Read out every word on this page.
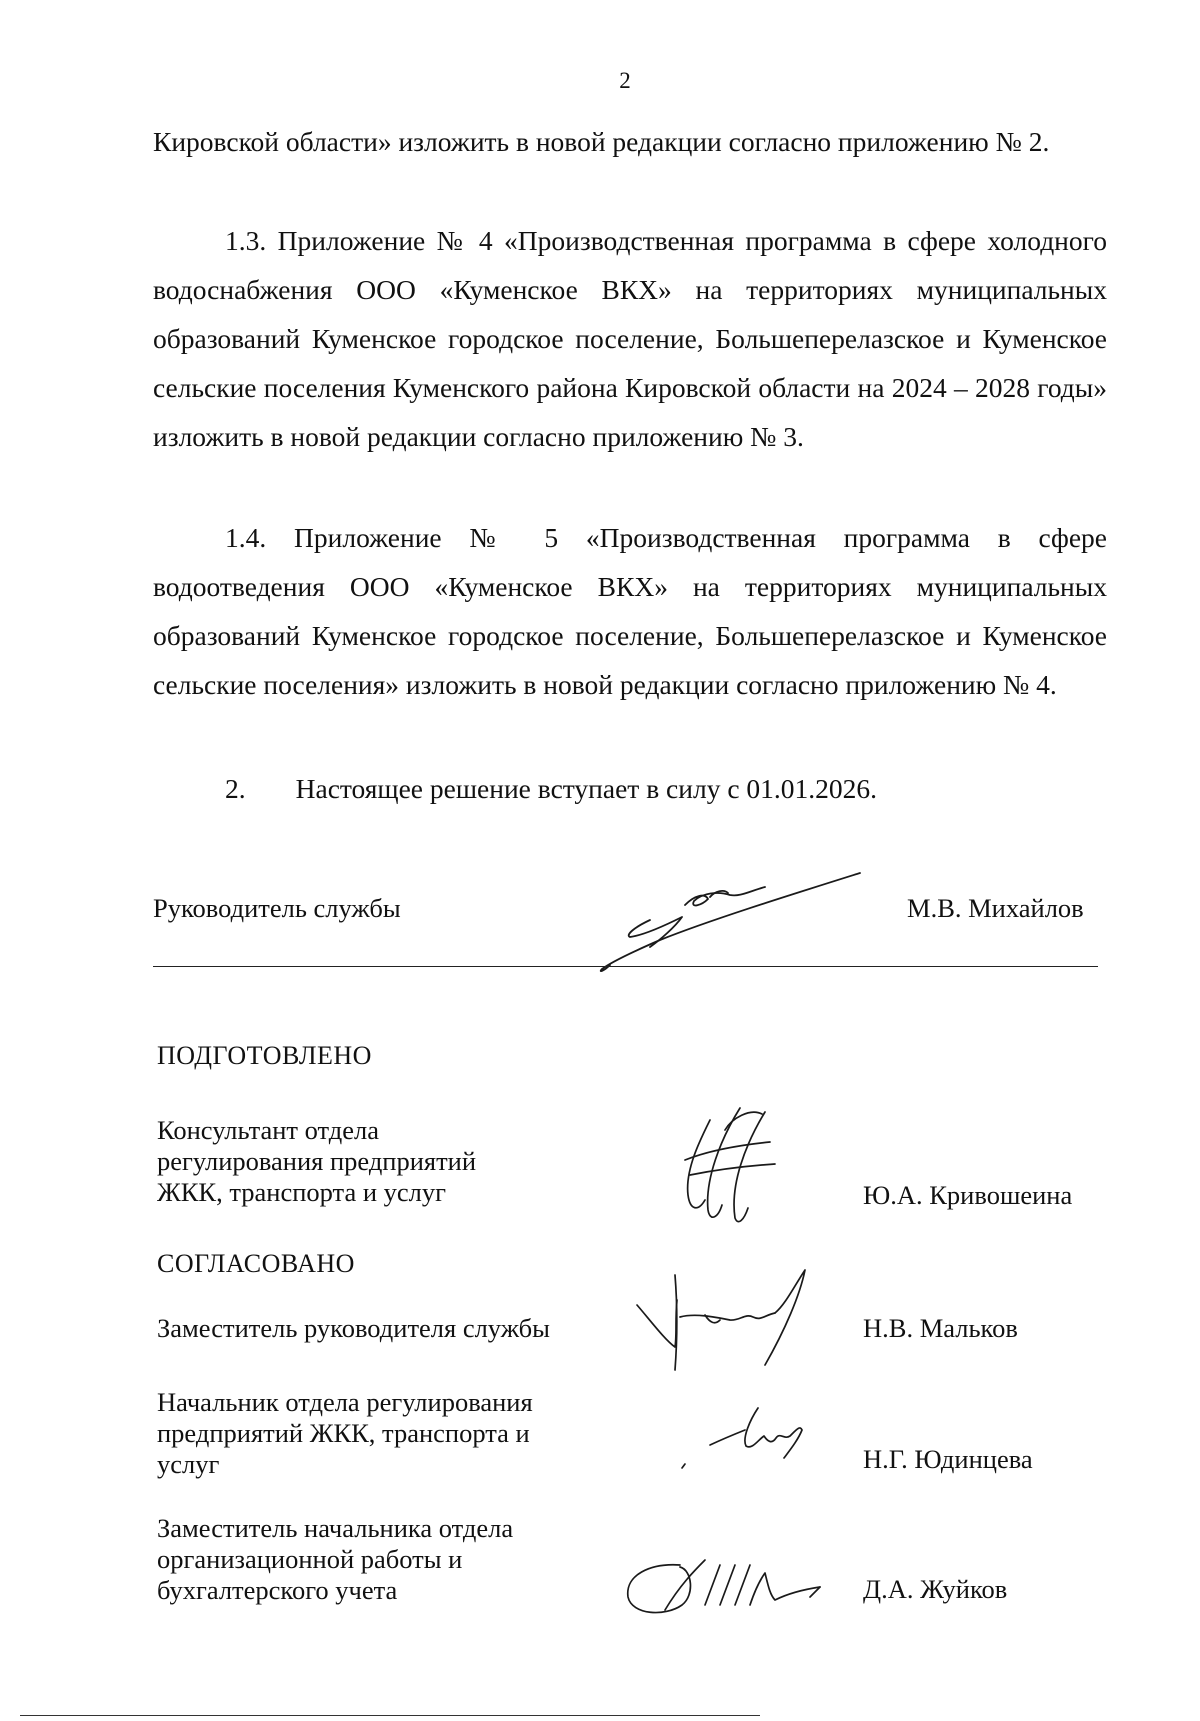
2

Кировской области» изложить в новой редакции согласно приложению № 2.

1.3. Приложение № 4 «Производственная программа в сфере холодного водоснабжения ООО «Куменское ВКХ» на территориях муниципальных образований Куменское городское поселение, Большеперелазское и Куменское сельские поселения Куменского района Кировской области на 2024 – 2028 годы» изложить в новой редакции согласно приложению № 3.

1.4. Приложение № 5 «Производственная программа в сфере водоотведения ООО «Куменское ВКХ» на территориях муниципальных образований Куменское городское поселение, Большеперелазское и Куменское сельские поселения» изложить в новой редакции согласно приложению № 4.

2. Настоящее решение вступает в силу с 01.01.2026.

Руководитель службы	М.В. Михайлов
ПОДГОТОВЛЕНО
Консультант отдела
регулирования предприятий
ЖКК, транспорта и услуг	Ю.А. Кривошеина
СОГЛАСОВАНО
Заместитель руководителя службы	Н.В. Мальков
Начальник отдела регулирования
предприятий ЖКК, транспорта и
услуг	Н.Г. Юдинцева
Заместитель начальника отдела
организационной работы и
бухгалтерского учета	Д.А. Жуйков
